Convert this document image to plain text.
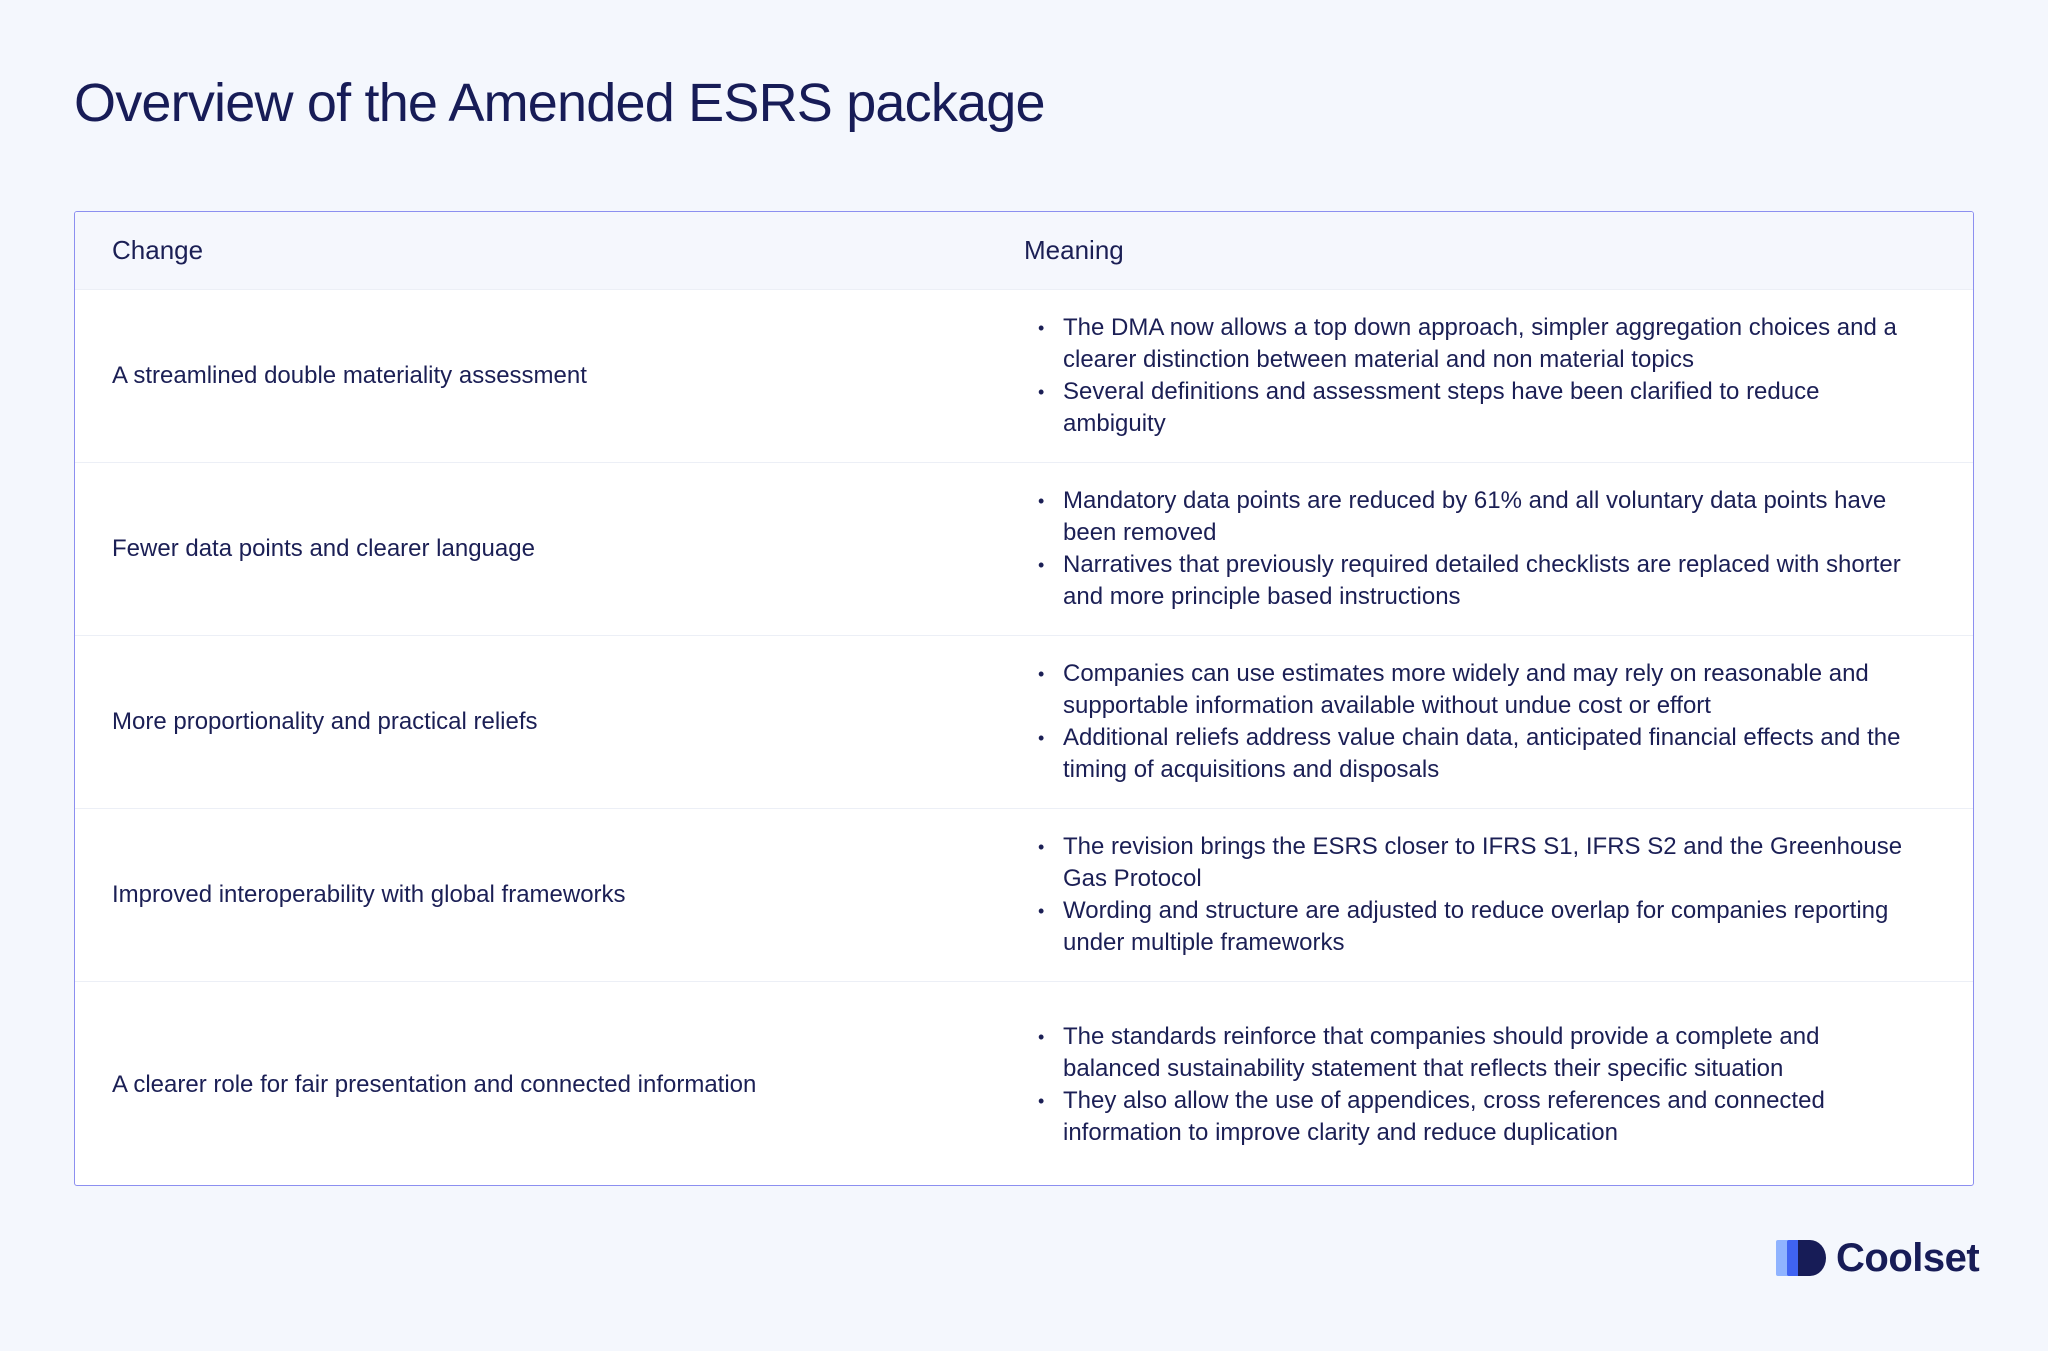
Overview of the Amended ESRS package
Change	Meaning
A streamlined double materiality assessment
• The DMA now allows a top down approach, simpler aggregation choices and a clearer distinction between material and non material topics
• Several definitions and assessment steps have been clarified to reduce ambiguity
Fewer data points and clearer language
• Mandatory data points are reduced by 61% and all voluntary data points have been removed
• Narratives that previously required detailed checklists are replaced with shorter and more principle based instructions
More proportionality and practical reliefs
• Companies can use estimates more widely and may rely on reasonable and supportable information available without undue cost or effort
• Additional reliefs address value chain data, anticipated financial effects and the timing of acquisitions and disposals
Improved interoperability with global frameworks
• The revision brings the ESRS closer to IFRS S1, IFRS S2 and the Greenhouse Gas Protocol
• Wording and structure are adjusted to reduce overlap for companies reporting under multiple frameworks
A clearer role for fair presentation and connected information
• The standards reinforce that companies should provide a complete and balanced sustainability statement that reflects their specific situation
• They also allow the use of appendices, cross references and connected information to improve clarity and reduce duplication
Coolset
